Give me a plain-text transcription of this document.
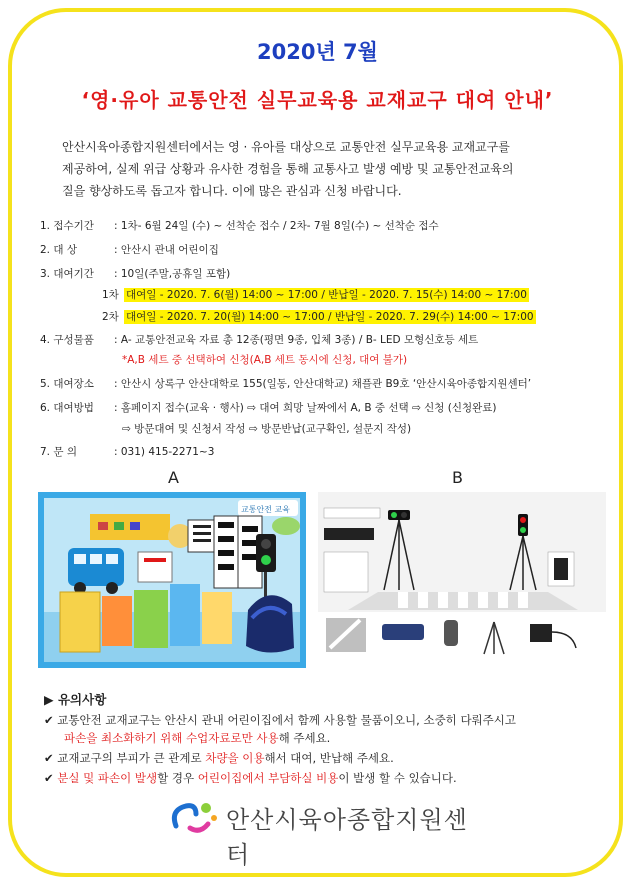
2020년 7월
‘영·유아 교통안전 실무교육용 교재교구 대여 안내’
안산시육아종합지원센터에서는 영 · 유아를 대상으로 교통안전 실무교육용 교재교구를
제공하여, 실제 위급 상황과 유사한 경험을 통해 교통사고 발생 예방 및 교통안전교육의
질을 향상하도록 돕고자 합니다. 이에 많은 관심과 신청 바랍니다.
1. 접수기간 : 1차- 6월 24일 (수) ~ 선착순 접수 / 2차- 7월 8일(수) ~ 선착순 접수
2. 대 상	: 안산시 관내 어린이집
3. 대여기간 : 10일(주말,공휴일 포함)
1차 대여일 - 2020. 7. 6(월) 14:00 ~ 17:00 / 반납일 - 2020. 7. 15(수) 14:00 ~ 17:00
2차 대여일 - 2020. 7. 20(월) 14:00 ~ 17:00 / 반납일 - 2020. 7. 29(수) 14:00 ~ 17:00
4. 구성물품 : A- 교통안전교육 자료 총 12종(평면 9종, 입체 3종) / B- LED 모형신호등 세트
*A,B 세트 중 선택하여 신청(A,B 세트 동시에 신청, 대여 불가)
5. 대여장소 : 안산시 상록구 안산대학로 155(일동, 안산대학교) 채플관 B9호 ‘안산시육아종합지원센터’
6. 대여방법 : 홈페이지 접수(교육 · 행사) ⇨ 대여 희망 날짜에서 A, B 중 선택 ⇨ 신청 (신청완료)
⇨ 방문대여 및 신청서 작성 ⇨ 방문반납(교구확인, 설문지 작성)
7. 문 의	: 031) 415-2271~3
A	B
교통안전 교육
▶ 유의사항
✔ 교통안전 교재교구는 안산시 관내 어린이집에서 함께 사용할 물품이오니, 소중히 다뤄주시고
파손을 최소화하기 위해 수업자료로만 사용해 주세요.
✔ 교재교구의 부피가 큰 관계로 차량을 이용해서 대여, 반납해 주세요.
✔ 분실 및 파손이 발생할 경우 어린이집에서 부담하실 비용이 발생 할 수 있습니다.
안산시육아종합지원센터
